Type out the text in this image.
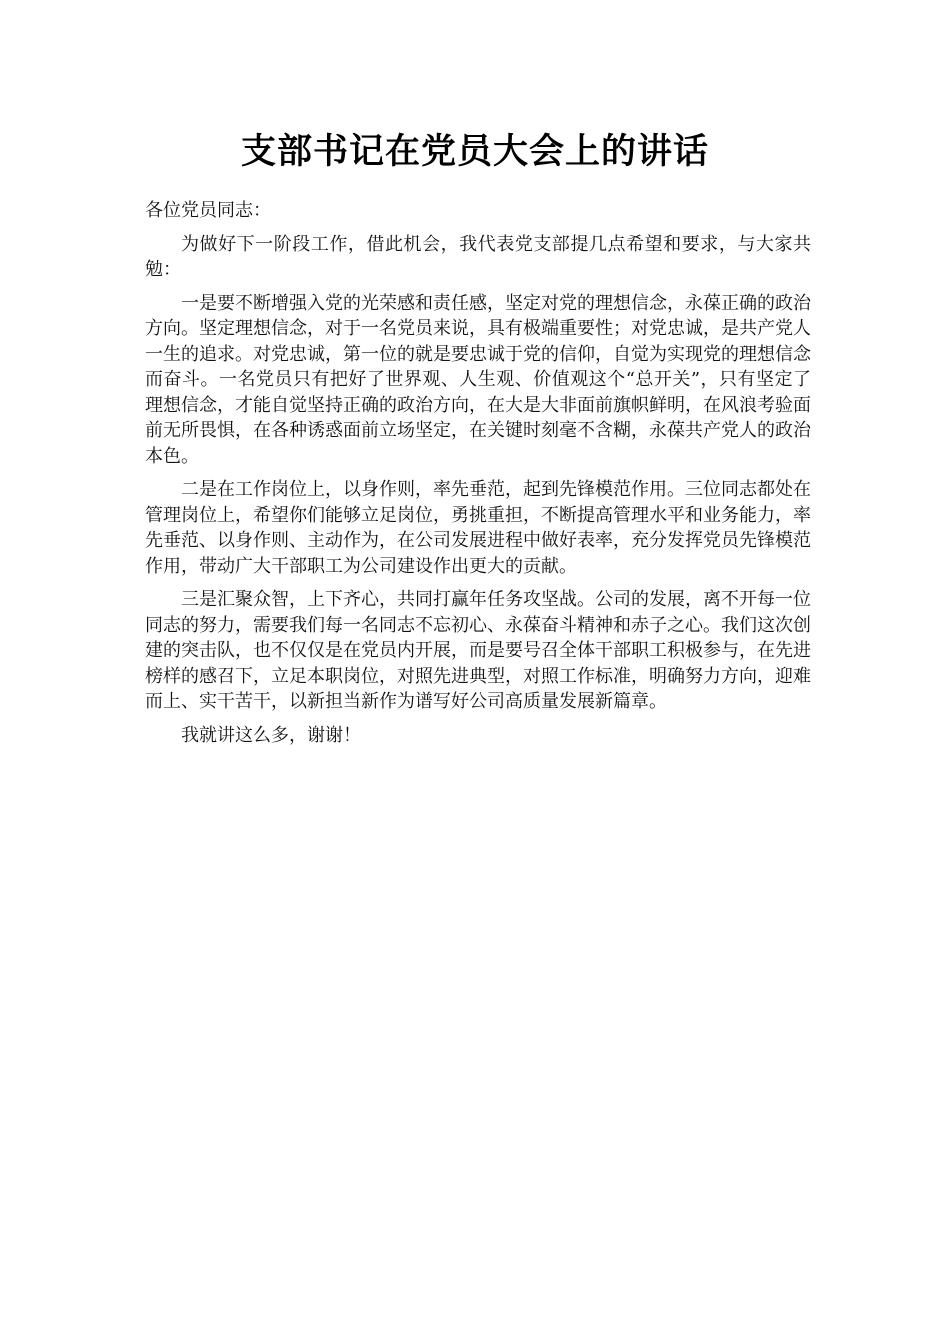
支部书记在党员大会上的讲话

各位党员同志：

为做好下一阶段工作，借此机会，我代表党支部提几点希望和要求，与大家共勉：

一是要不断增强入党的光荣感和责任感，坚定对党的理想信念，永葆正确的政治方向。坚定理想信念，对于一名党员来说，具有极端重要性；对党忠诚，是共产党人一生的追求。对党忠诚，第一位的就是要忠诚于党的信仰，自觉为实现党的理想信念而奋斗。一名党员只有把好了世界观、人生观、价值观这个“总开关”，只有坚定了理想信念，才能自觉坚持正确的政治方向，在大是大非面前旗帜鲜明，在风浪考验面前无所畏惧，在各种诱惑面前立场坚定，在关键时刻毫不含糊，永葆共产党人的政治本色。

二是在工作岗位上，以身作则，率先垂范，起到先锋模范作用。三位同志都处在管理岗位上，希望你们能够立足岗位，勇挑重担，不断提高管理水平和业务能力，率先垂范、以身作则、主动作为，在公司发展进程中做好表率，充分发挥党员先锋模范作用，带动广大干部职工为公司建设作出更大的贡献。

三是汇聚众智，上下齐心，共同打赢年任务攻坚战。公司的发展，离不开每一位同志的努力，需要我们每一名同志不忘初心、永葆奋斗精神和赤子之心。我们这次创建的突击队，也不仅仅是在党员内开展，而是要号召全体干部职工积极参与，在先进榜样的感召下，立足本职岗位，对照先进典型，对照工作标准，明确努力方向，迎难而上、实干苦干，以新担当新作为谱写好公司高质量发展新篇章。

我就讲这么多，谢谢！
